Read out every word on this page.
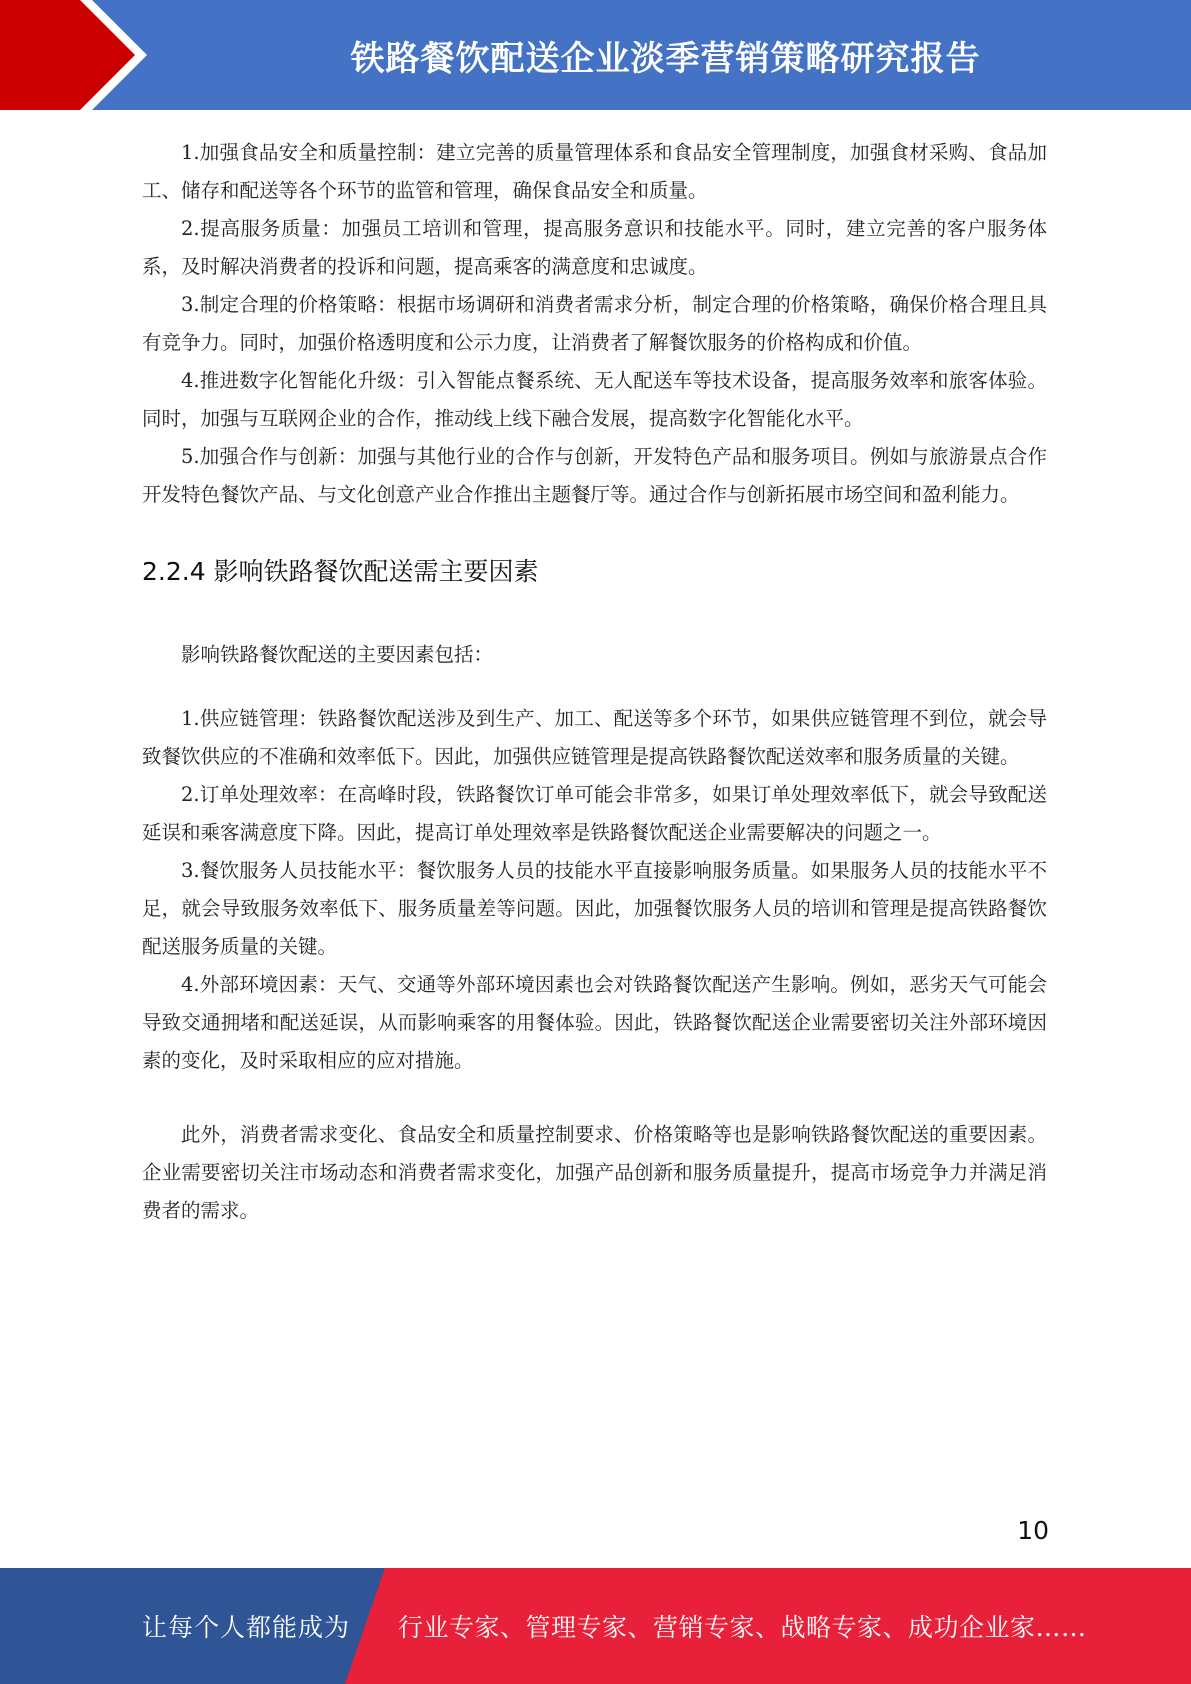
铁路餐饮配送企业淡季营销策略研究报告

1.加强食品安全和质量控制：建立完善的质量管理体系和食品安全管理制度，加强食材采购、食品加工、储存和配送等各个环节的监管和管理，确保食品安全和质量。

2.提高服务质量：加强员工培训和管理，提高服务意识和技能水平。同时，建立完善的客户服务体系，及时解决消费者的投诉和问题，提高乘客的满意度和忠诚度。

3.制定合理的价格策略：根据市场调研和消费者需求分析，制定合理的价格策略，确保价格合理且具有竞争力。同时，加强价格透明度和公示力度，让消费者了解餐饮服务的价格构成和价值。

4.推进数字化智能化升级：引入智能点餐系统、无人配送车等技术设备，提高服务效率和旅客体验。同时，加强与互联网企业的合作，推动线上线下融合发展，提高数字化智能化水平。

5.加强合作与创新：加强与其他行业的合作与创新，开发特色产品和服务项目。例如与旅游景点合作开发特色餐饮产品、与文化创意产业合作推出主题餐厅等。通过合作与创新拓展市场空间和盈利能力。

2.2.4 影响铁路餐饮配送需主要因素

影响铁路餐饮配送的主要因素包括：

1.供应链管理：铁路餐饮配送涉及到生产、加工、配送等多个环节，如果供应链管理不到位，就会导致餐饮供应的不准确和效率低下。因此，加强供应链管理是提高铁路餐饮配送效率和服务质量的关键。

2.订单处理效率：在高峰时段，铁路餐饮订单可能会非常多，如果订单处理效率低下，就会导致配送延误和乘客满意度下降。因此，提高订单处理效率是铁路餐饮配送企业需要解决的问题之一。

3.餐饮服务人员技能水平：餐饮服务人员的技能水平直接影响服务质量。如果服务人员的技能水平不足，就会导致服务效率低下、服务质量差等问题。因此，加强餐饮服务人员的培训和管理是提高铁路餐饮配送服务质量的关键。

4.外部环境因素：天气、交通等外部环境因素也会对铁路餐饮配送产生影响。例如，恶劣天气可能会导致交通拥堵和配送延误，从而影响乘客的用餐体验。因此，铁路餐饮配送企业需要密切关注外部环境因素的变化，及时采取相应的应对措施。

此外，消费者需求变化、食品安全和质量控制要求、价格策略等也是影响铁路餐饮配送的重要因素。企业需要密切关注市场动态和消费者需求变化，加强产品创新和服务质量提升，提高市场竞争力并满足消费者的需求。

10
让每个人都能成为 行业专家、管理专家、营销专家、战略专家、成功企业家……
